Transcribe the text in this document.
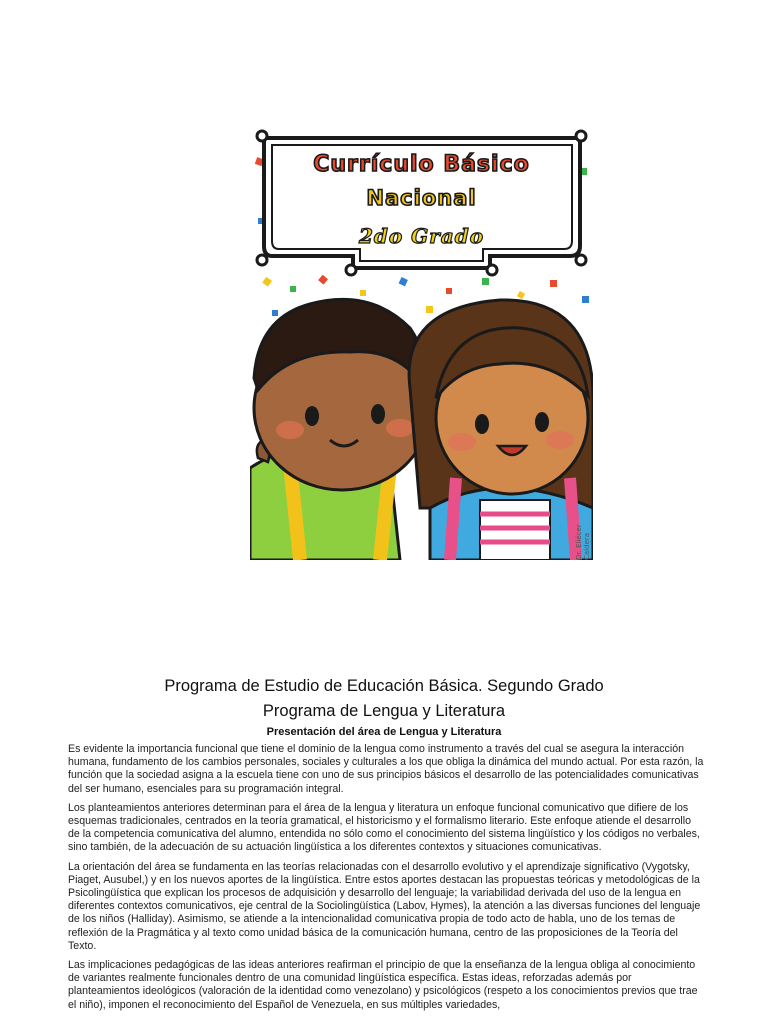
Currículo Básico
Nacional
2do Grado
Dr. Eliécer Caldera
Programa de Estudio de Educación Básica. Segundo Grado
Programa de Lengua y Literatura
Presentación del área de Lengua y Literatura

Es evidente la importancia funcional que tiene el dominio de la lengua como instrumento a través del cual se asegura la interacción humana, fundamento de los cambios personales, sociales y culturales a los que obliga la dinámica del mundo actual. Por esta razón, la función que la sociedad asigna a la escuela tiene con uno de sus principios básicos el desarrollo de las potencialidades comunicativas del ser humano, esenciales para su programación integral.

Los planteamientos anteriores determinan para el área de la lengua y literatura un enfoque funcional comunicativo que difiere de los esquemas tradicionales, centrados en la teoría gramatical, el historicismo y el formalismo literario. Este enfoque atiende el desarrollo de la competencia comunicativa del alumno, entendida no sólo como el conocimiento del sistema lingüístico y los códigos no verbales, sino también, de la adecuación de su actuación lingüística a los diferentes contextos y situaciones comunicativas.

La orientación del área se fundamenta en las teorías relacionadas con el desarrollo evolutivo y el aprendizaje significativo (Vygotsky, Piaget, Ausubel,) y en los nuevos aportes de la lingüística. Entre estos aportes destacan las propuestas teóricas y metodológicas de la Psicolingüística que explican los procesos de adquisición y desarrollo del lenguaje; la variabilidad derivada del uso de la lengua en diferentes contextos comunicativos, eje central de la Sociolingüística (Labov, Hymes), la atención a las diversas funciones del lenguaje de los niños (Halliday). Asimismo, se atiende a la intencionalidad comunicativa propia de todo acto de habla, uno de los temas de reflexión de la Pragmática y al texto como unidad básica de la comunicación humana, centro de las proposiciones de la Teoría del Texto.

Las implicaciones pedagógicas de las ideas anteriores reafirman el principio de que la enseñanza de la lengua obliga al conocimiento de variantes realmente funcionales dentro de una comunidad lingüística específica. Estas ideas, reforzadas además por planteamientos ideológicos (valoración de la identidad como venezolano) y psicológicos (respeto a los conocimientos previos que trae el niño), imponen el reconocimiento del Español de Venezuela, en sus múltiples variedades,
